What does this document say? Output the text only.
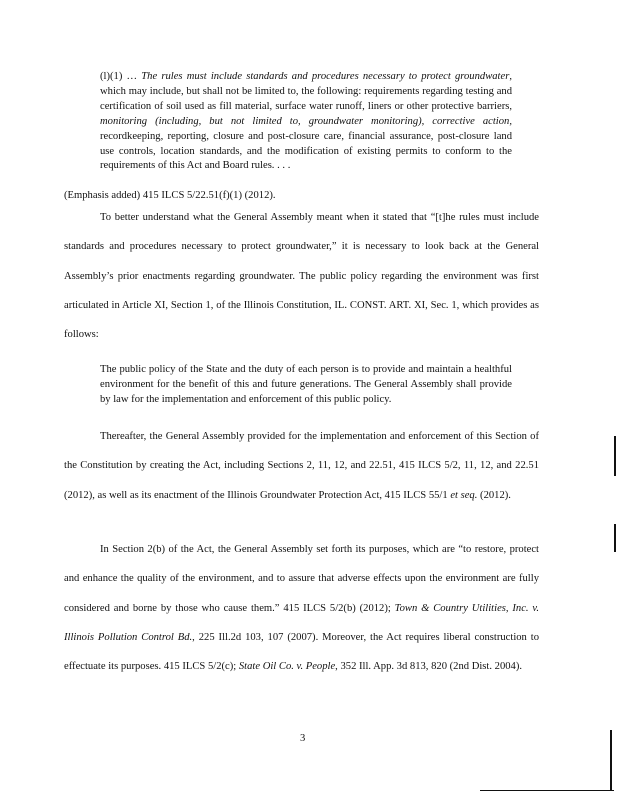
(l)(1) … The rules must include standards and procedures necessary to protect groundwater, which may include, but shall not be limited to, the following: requirements regarding testing and certification of soil used as fill material, surface water runoff, liners or other protective barriers, monitoring (including, but not limited to, groundwater monitoring), corrective action, recordkeeping, reporting, closure and post-closure care, financial assurance, post-closure land use controls, location standards, and the modification of existing permits to conform to the requirements of this Act and Board rules. . . .
(Emphasis added) 415 ILCS 5/22.51(f)(1) (2012).
To better understand what the General Assembly meant when it stated that “[t]he rules must include standards and procedures necessary to protect groundwater,” it is necessary to look back at the General Assembly’s prior enactments regarding groundwater. The public policy regarding the environment was first articulated in Article XI, Section 1, of the Illinois Constitution, IL. CONST. ART. XI, Sec. 1, which provides as follows:
The public policy of the State and the duty of each person is to provide and maintain a healthful environment for the benefit of this and future generations. The General Assembly shall provide by law for the implementation and enforcement of this public policy.
Thereafter, the General Assembly provided for the implementation and enforcement of this Section of the Constitution by creating the Act, including Sections 2, 11, 12, and 22.51, 415 ILCS 5/2, 11, 12, and 22.51 (2012), as well as its enactment of the Illinois Groundwater Protection Act, 415 ILCS 55/1 et seq. (2012).
In Section 2(b) of the Act, the General Assembly set forth its purposes, which are “to restore, protect and enhance the quality of the environment, and to assure that adverse effects upon the environment are fully considered and borne by those who cause them.” 415 ILCS 5/2(b) (2012); Town & Country Utilities, Inc. v. Illinois Pollution Control Bd., 225 Ill.2d 103, 107 (2007). Moreover, the Act requires liberal construction to effectuate its purposes. 415 ILCS 5/2(c); State Oil Co. v. People, 352 Ill. App. 3d 813, 820 (2nd Dist. 2004).
3
